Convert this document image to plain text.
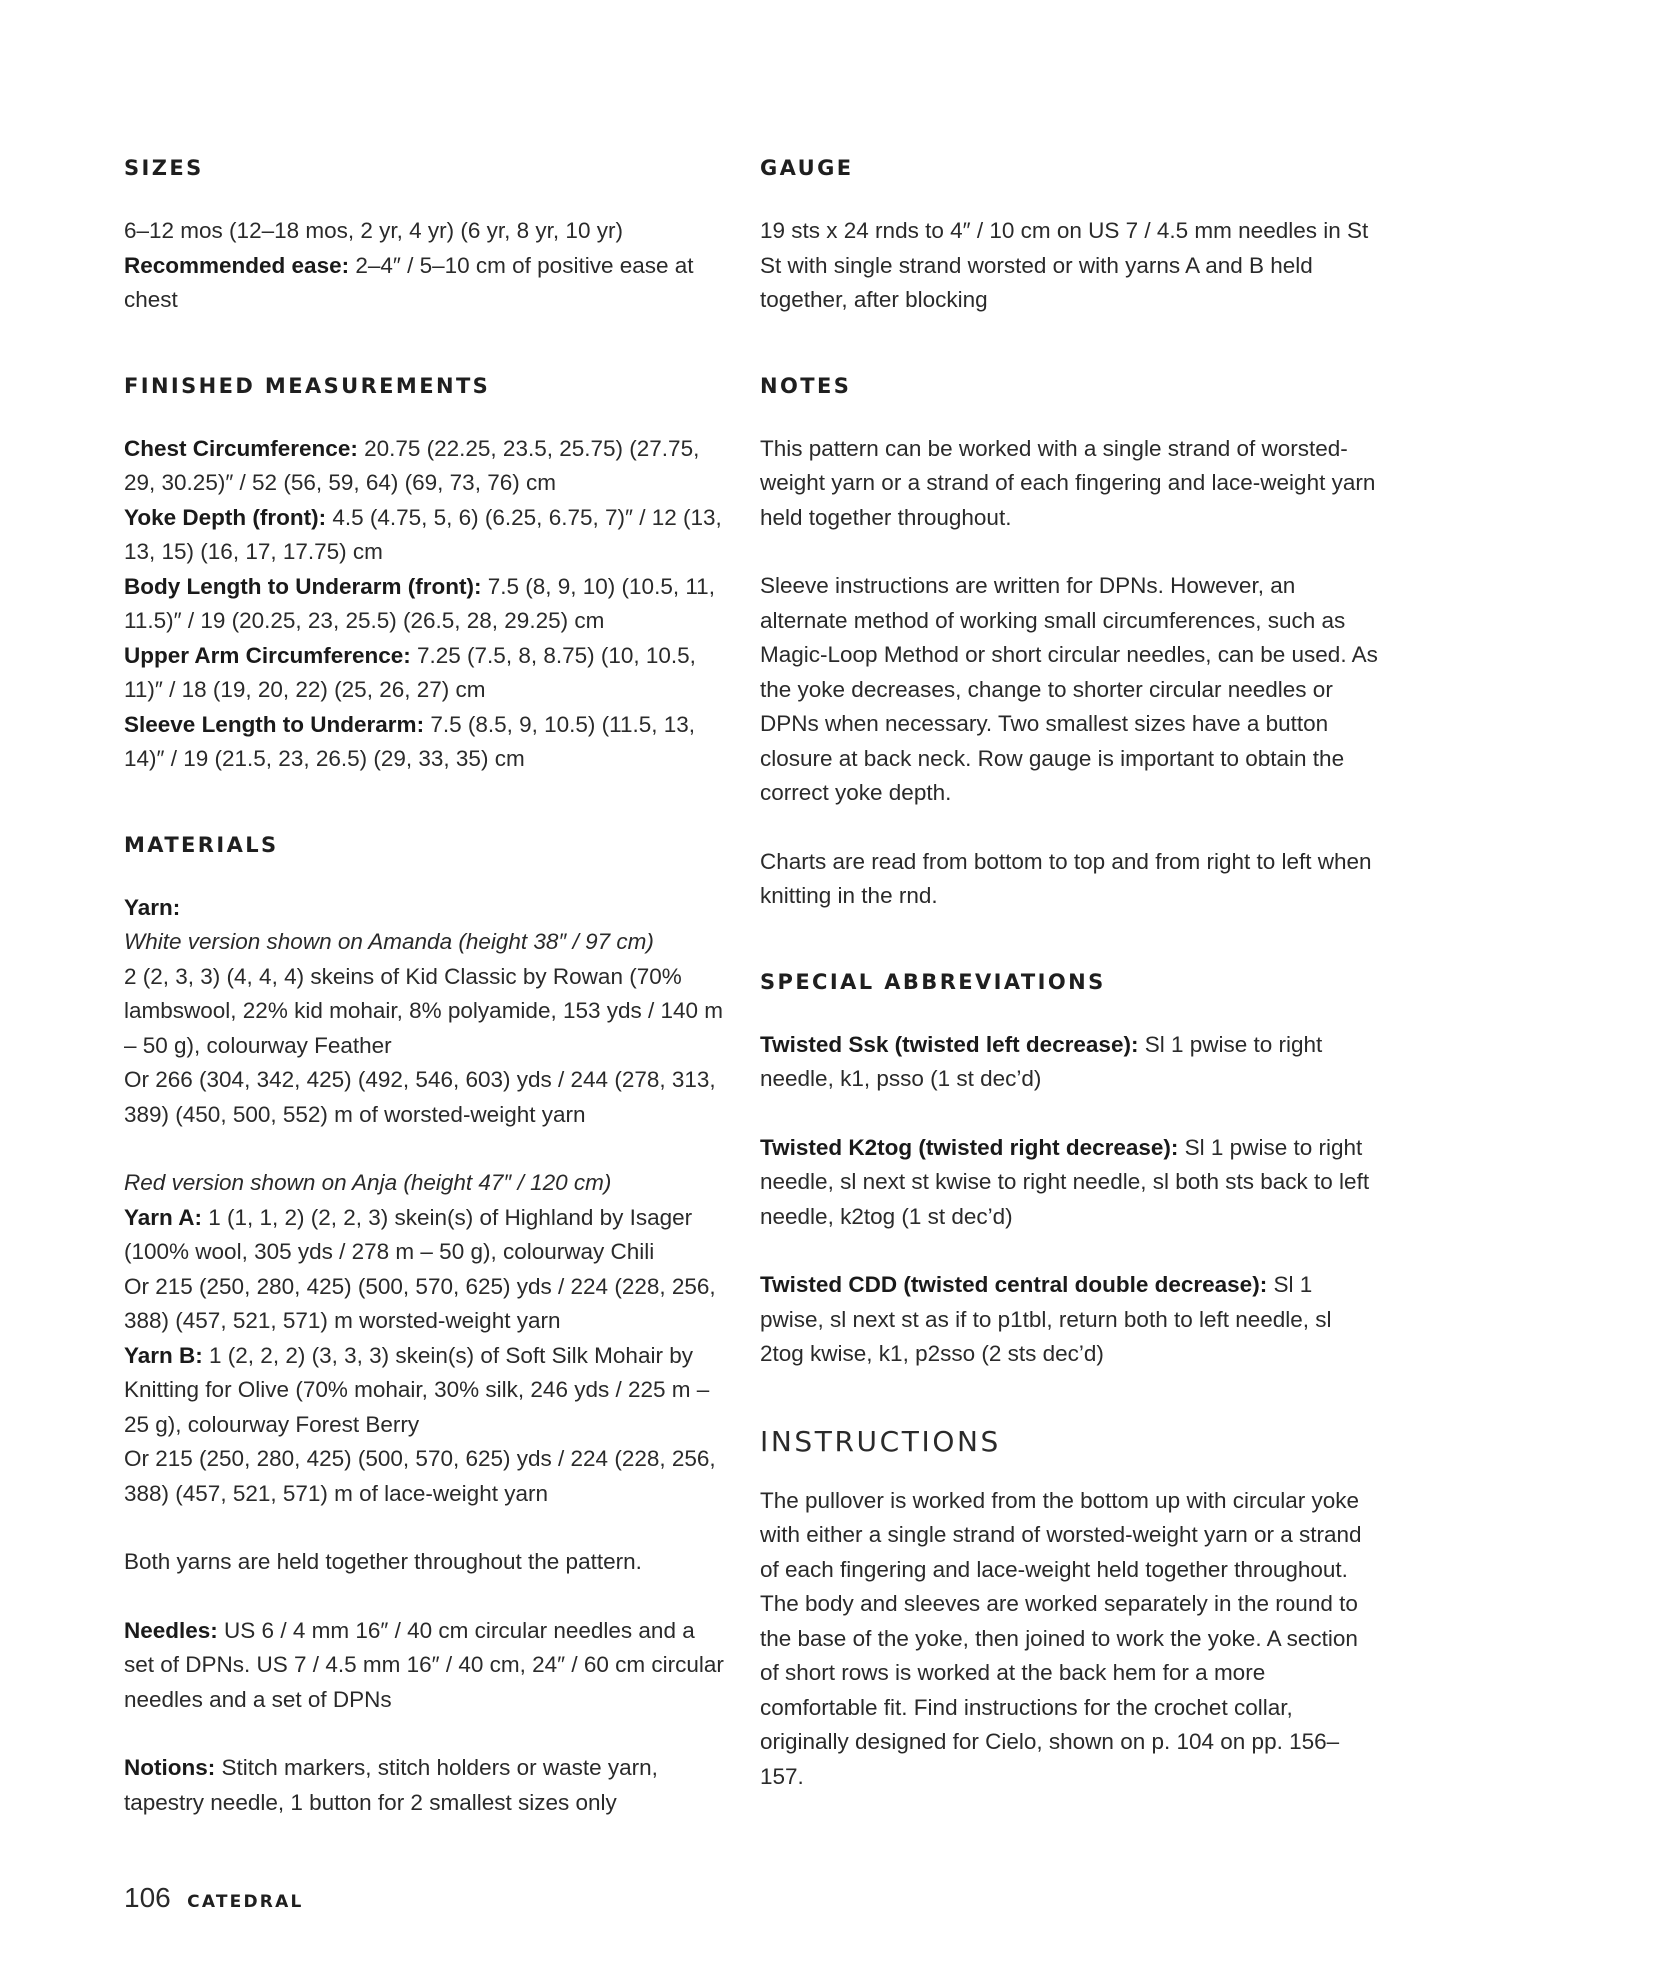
SIZES

6–12 mos (12–18 mos, 2 yr, 4 yr) (6 yr, 8 yr, 10 yr)

Recommended ease: 2–4″ / 5–10 cm of positive ease at chest

FINISHED MEASUREMENTS

Chest Circumference: 20.75 (22.25, 23.5, 25.75) (27.75, 29, 30.25)″ / 52 (56, 59, 64) (69, 73, 76) cm

Yoke Depth (front): 4.5 (4.75, 5, 6) (6.25, 6.75, 7)″ / 12 (13, 13, 15) (16, 17, 17.75) cm

Body Length to Underarm (front): 7.5 (8, 9, 10) (10.5, 11, 11.5)″ / 19 (20.25, 23, 25.5) (26.5, 28, 29.25) cm

Upper Arm Circumference: 7.25 (7.5, 8, 8.75) (10, 10.5, 11)″ / 18 (19, 20, 22) (25, 26, 27) cm

Sleeve Length to Underarm: 7.5 (8.5, 9, 10.5) (11.5, 13, 14)″ / 19 (21.5, 23, 26.5) (29, 33, 35) cm

MATERIALS

Yarn:

White version shown on Amanda (height 38″ / 97 cm)

2 (2, 3, 3) (4, 4, 4) skeins of Kid Classic by Rowan (70% lambswool, 22% kid mohair, 8% polyamide, 153 yds / 140 m – 50 g), colourway Feather

Or 266 (304, 342, 425) (492, 546, 603) yds / 244 (278, 313, 389) (450, 500, 552) m of worsted-weight yarn

Red version shown on Anja (height 47″ / 120 cm)

Yarn A: 1 (1, 1, 2) (2, 2, 3) skein(s) of Highland by Isager (100% wool, 305 yds / 278 m – 50 g), colourway Chili

Or 215 (250, 280, 425) (500, 570, 625) yds / 224 (228, 256, 388) (457, 521, 571) m worsted-weight yarn

Yarn B: 1 (2, 2, 2) (3, 3, 3) skein(s) of Soft Silk Mohair by Knitting for Olive (70% mohair, 30% silk, 246 yds / 225 m – 25 g), colourway Forest Berry

Or 215 (250, 280, 425) (500, 570, 625) yds / 224 (228, 256, 388) (457, 521, 571) m of lace-weight yarn

Both yarns are held together throughout the pattern.

Needles: US 6 / 4 mm 16″ / 40 cm circular needles and a set of DPNs. US 7 / 4.5 mm 16″ / 40 cm, 24″ / 60 cm circular needles and a set of DPNs

Notions: Stitch markers, stitch holders or waste yarn, tapestry needle, 1 button for 2 smallest sizes only

GAUGE

19 sts x 24 rnds to 4″ / 10 cm on US 7 / 4.5 mm needles in St St with single strand worsted or with yarns A and B held together, after blocking

NOTES

This pattern can be worked with a single strand of worsted-weight yarn or a strand of each fingering and lace-weight yarn held together throughout.

Sleeve instructions are written for DPNs. However, an alternate method of working small circumferences, such as Magic-Loop Method or short circular needles, can be used. As the yoke decreases, change to shorter circular needles or DPNs when necessary. Two smallest sizes have a button closure at back neck. Row gauge is important to obtain the correct yoke depth.

Charts are read from bottom to top and from right to left when knitting in the rnd.

SPECIAL ABBREVIATIONS

Twisted Ssk (twisted left decrease): Sl 1 pwise to right needle, k1, psso (1 st dec’d)

Twisted K2tog (twisted right decrease): Sl 1 pwise to right needle, sl next st kwise to right needle, sl both sts back to left needle, k2tog (1 st dec’d)

Twisted CDD (twisted central double decrease): Sl 1 pwise, sl next st as if to p1tbl, return both to left needle, sl 2tog kwise, k1, p2sso (2 sts dec’d)

INSTRUCTIONS

The pullover is worked from the bottom up with circular yoke with either a single strand of worsted-weight yarn or a strand of each fingering and lace-weight held together throughout. The body and sleeves are worked separately in the round to the base of the yoke, then joined to work the yoke. A section of short rows is worked at the back hem for a more comfortable fit. Find instructions for the crochet collar, originally designed for Cielo, shown on p. 104 on pp. 156–157.

106 CATEDRAL
